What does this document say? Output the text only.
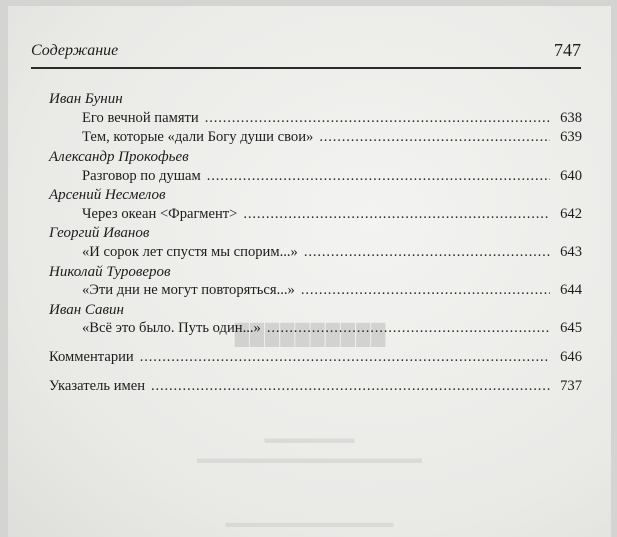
██████████
▬▬▬▬▬▬
▬▬▬▬▬▬▬▬▬▬▬▬▬▬▬
▬▬▬▬▬▬▬▬▬▬▬▬
Содержание	747
Иван Бунин
Его вечной памяти . . .	638
Тем, которые «дали Богу души свои» . . .	639
Александр Прокофьев
Разговор по душам . . .	640
Арсений Несмелов
Через океан <Фрагмент> . . .	642
Георгий Иванов
«И сорок лет спустя мы спорим...» . . .	643
Николай Туроверов
«Эти дни не могут повторяться...» . . .	644
Иван Савин
«Всё это было. Путь один...» . . .	645
Комментарии . . .	646
Указатель имен . . .	737
